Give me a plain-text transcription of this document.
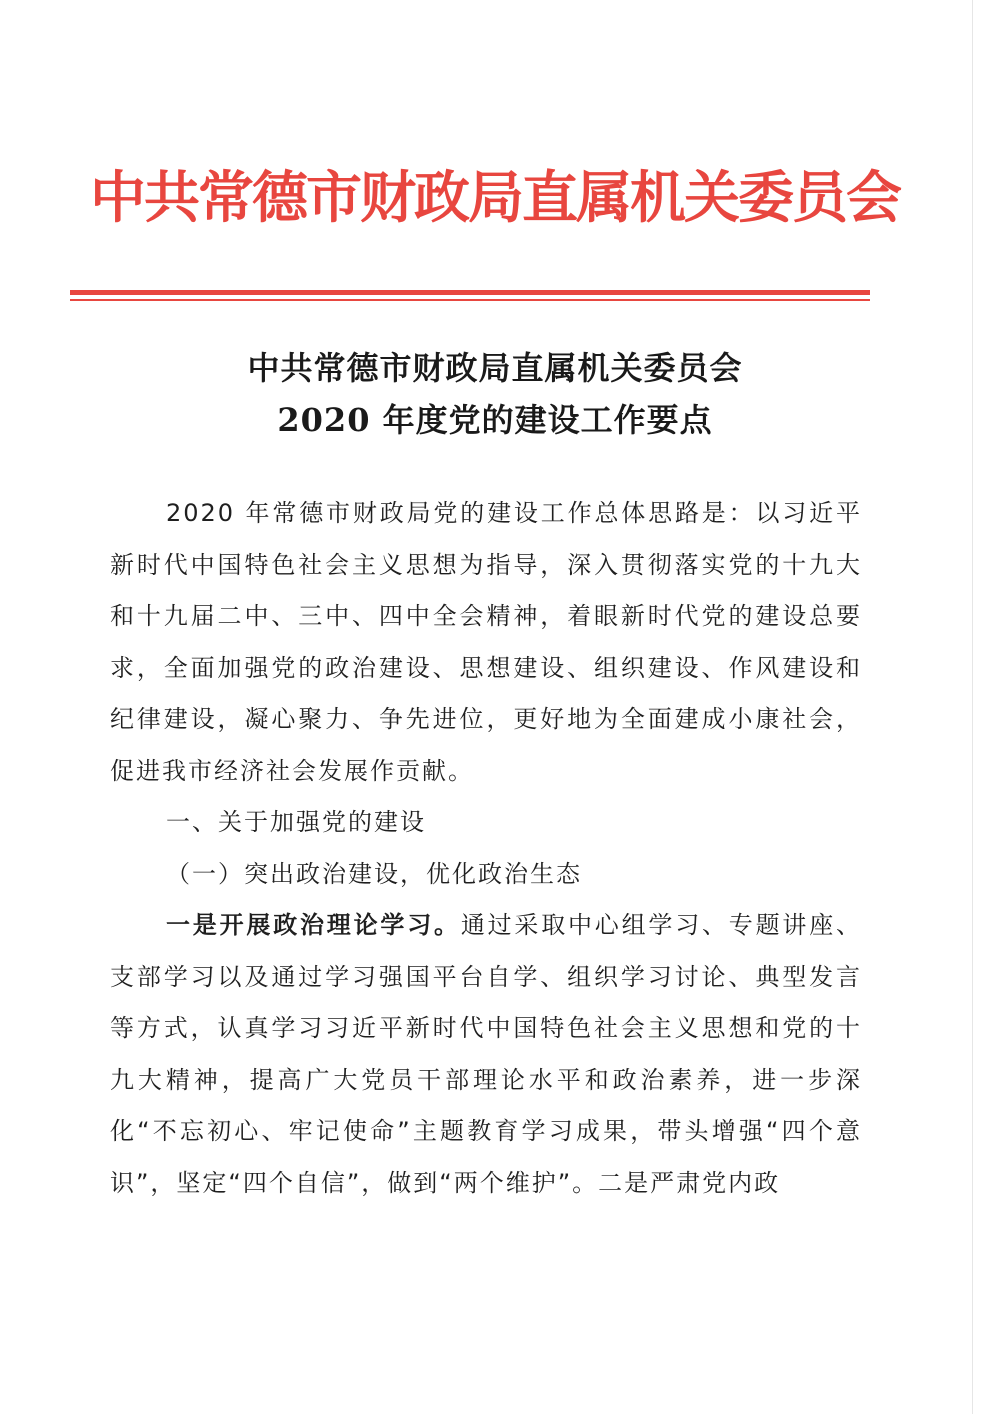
中共常德市财政局直属机关委员会
中共常德市财政局直属机关委员会
2020 年度党的建设工作要点

2020 年常德市财政局党的建设工作总体思路是：以习近平新时代中国特色社会主义思想为指导，深入贯彻落实党的十九大和十九届二中、三中、四中全会精神，着眼新时代党的建设总要求，全面加强党的政治建设、思想建设、组织建设、作风建设和纪律建设，凝心聚力、争先进位，更好地为全面建成小康社会，促进我市经济社会发展作贡献。

一、关于加强党的建设

（一）突出政治建设，优化政治生态

一是开展政治理论学习。通过采取中心组学习、专题讲座、支部学习以及通过学习强国平台自学、组织学习讨论、典型发言等方式，认真学习习近平新时代中国特色社会主义思想和党的十九大精神，提高广大党员干部理论水平和政治素养，进一步深化“不忘初心、牢记使命”主题教育学习成果，带头增强“四个意识”，坚定“四个自信”，做到“两个维护”。二是严肃党内政
